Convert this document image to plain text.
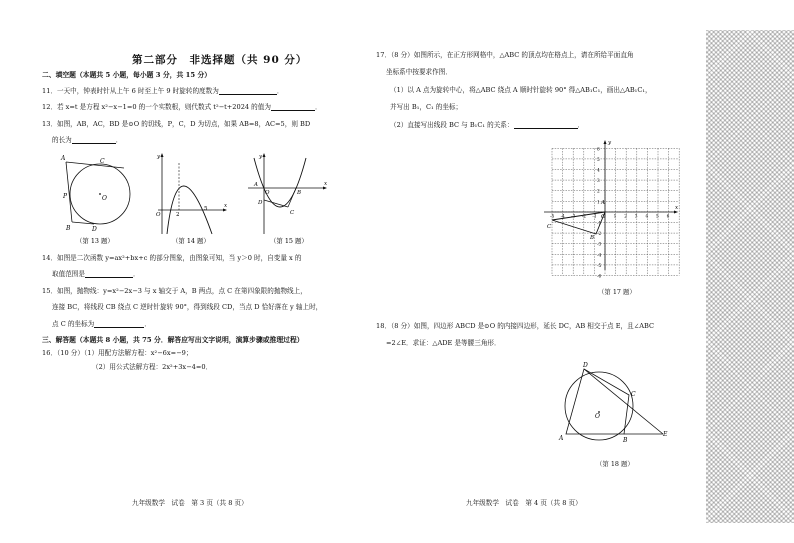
第二部分　非选择题（共 90 分）
二、填空题（本题共 5 小题，每小题 3 分，共 15 分）
11．一天中，钟表时针从上午 6 时至上午 9 时旋转的度数为	．
12．若 x=t 是方程 x²−x−1=0 的一个实数根，则代数式 t²−t+2024 的值为	．
13．如图，AB，AC，BD 是⊙O 的切线，P，C，D 为切点，如果 AB=8，AC=5，则 BD
的长为	．
A	C
P	O
B	D
（第 13 题）
y
x
O	2
5
（第 14 题）
y
x
A
O	B
D
C
（第 15 题）
14．如图是二次函数 y=ax²+bx+c 的部分图象，由图象可知，当 y＞0 时，自变量 x 的
取值范围是	．
15．如图，抛物线：y=x²−2x−3 与 x 轴交于 A，B 两点，点 C 在第四象限的抛物线上，
连接 BC，将线段 CB 绕点 C 逆时针旋转 90°，得到线段 CD，当点 D 恰好落在 y 轴上时，
点 C 的坐标为	．
三、解答题（本题共 8 小题，共 75 分．解答应写出文字说明，演算步骤或推理过程）
16．（10 分）（1）用配方法解方程：x²−6x=−9；
（2）用公式法解方程：2x²+3x−4=0．
九年级数学　试卷　第 3 页（共 8 页）
17．（8 分）如图所示，在正方形网格中，△ABC 的顶点均在格点上，请在所给平面直角
坐标系中按要求作图．
（1）以 A 点为旋转中心，将△ABC 绕点 A 顺时针旋转 90° 得△AB₁C₁，画出△AB₁C₁，
并写出 B₁，C₁ 的坐标；
（2）直接写出线段 BC 与 B₁C₁ 的关系：	．
x
y
A
O
B
C
6
5
4
3
2
1
-1
-2
-3
-4
-5
-6
-5 -4 -3 -2 -1	1 2 3 4 5 6
（第 17 题）
18．（8 分）如图，四边形 ABCD 是⊙O 的内接四边形，延长 DC，AB 相交于点 E，且∠ABC
=2∠E．求证：△ADE 是等腰三角形．
A
D
C
B
E
O
（第 18 题）
九年级数学　试卷　第 4 页（共 8 页）
